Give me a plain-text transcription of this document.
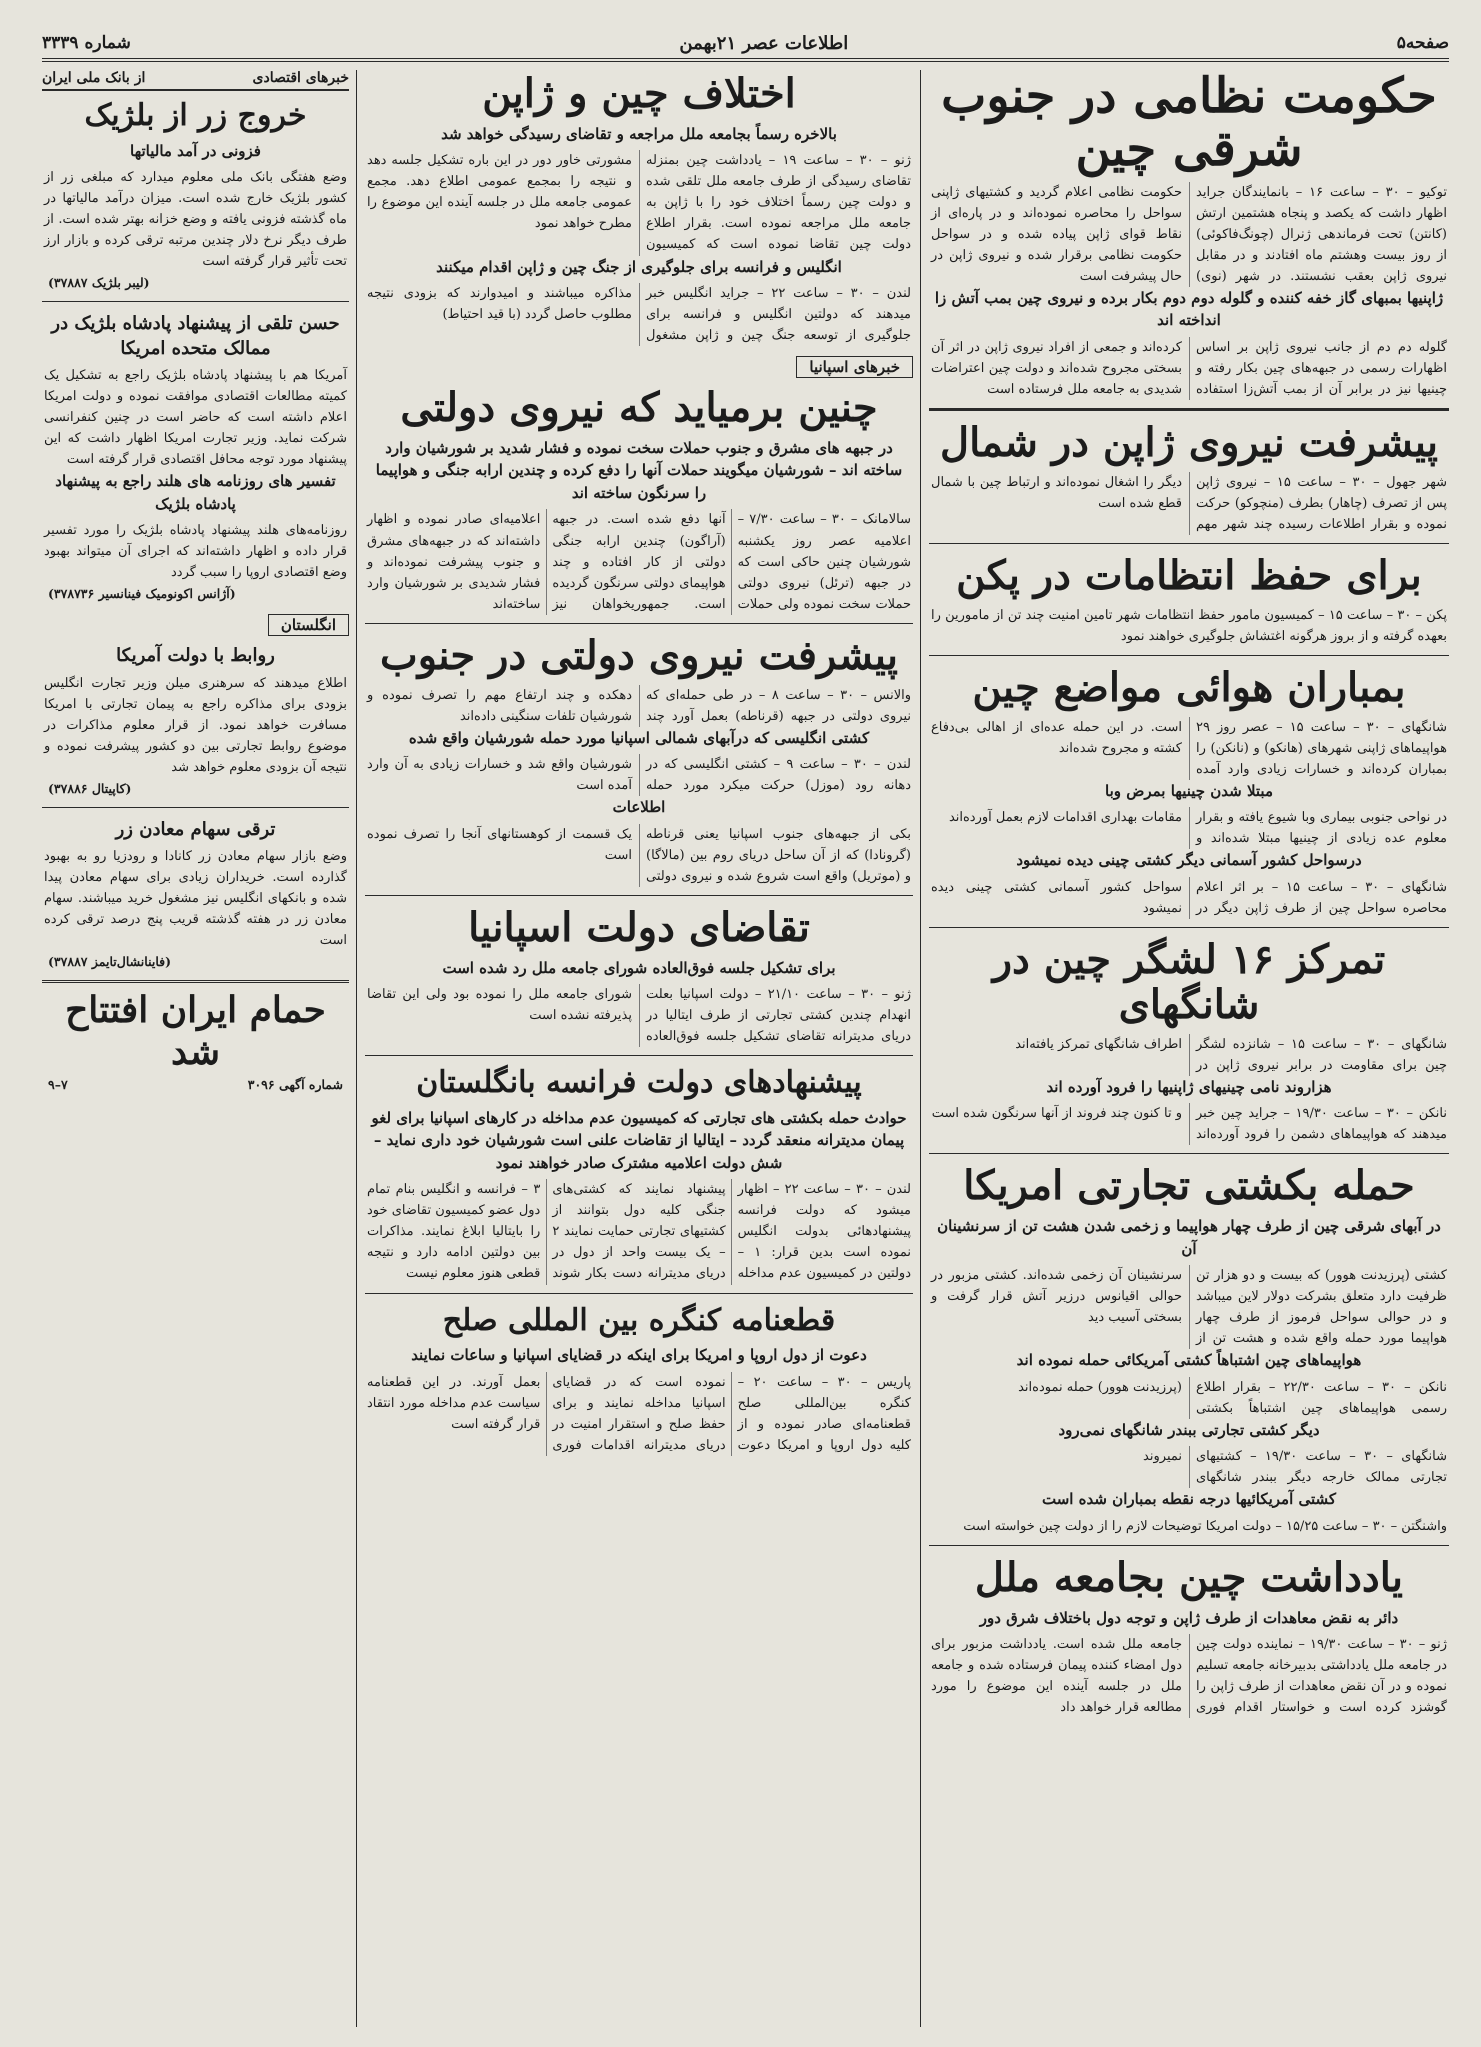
صفحه۵
اطلاعات عصر ۲۱بهمن
شماره ۳۳۳۹
حکومت نظامی در جنوب شرقی چین
توکیو – ۳۰ – ساعت ۱۶ – بانمایندگان جراید اظهار داشت که یکصد و پنجاه هشتمین ارتش (کانتن) تحت فرماندهی ژنرال (چونگ‌فاکوئی) از روز بیست وهشتم ماه افتادند و در مقابل نیروی ژاپن بعقب نشستند. در شهر (نوی) حکومت نظامی اعلام گردید و کشتیهای ژاپنی سواحل را محاصره نموده‌اند و در پاره‌ای از نقاط قوای ژاپن پیاده شده و در سواحل حکومت نظامی برقرار شده و نیروی ژاپن در حال پیشرفت است
ژاپنیها بمبهای گاز خفه کننده و گلوله دوم دوم بکار برده و نیروی چین بمب آتش زا انداخته اند
گلوله دم دم از جانب نیروی ژاپن بر اساس اظهارات رسمی در جبهه‌های چین بکار رفته و چینیها نیز در برابر آن از بمب آتش‌زا استفاده کرده‌اند و جمعی از افراد نیروی ژاپن در اثر آن بسختی مجروح شده‌اند و دولت چین اعتراضات شدیدی به جامعه ملل فرستاده است
پیشرفت نیروی ژاپن در شمال
شهر جهول – ۳۰ – ساعت ۱۵ – نیروی ژاپن پس از تصرف (چاهار) بطرف (منچوکو) حرکت نموده و بقرار اطلاعات رسیده چند شهر مهم دیگر را اشغال نموده‌اند و ارتباط چین با شمال قطع شده است
برای حفظ انتظامات در پکن
پکن – ۳۰ – ساعت ۱۵ – کمیسیون مامور حفظ انتظامات شهر تامین امنیت چند تن از مامورین را بعهده گرفته و از بروز هرگونه اغتشاش جلوگیری خواهند نمود
بمباران هوائی مواضع چین
شانگهای – ۳۰ – ساعت ۱۵ – عصر روز ۲۹ هواپیماهای ژاپنی شهرهای (هانکو) و (نانکن) را بمباران کرده‌اند و خسارات زیادی وارد آمده است. در این حمله عده‌ای از اهالی بی‌دفاع کشته و مجروح شده‌اند
مبتلا شدن چینیها بمرض وبا
در نواحی جنوبی بیماری وبا شیوع یافته و بقرار معلوم عده زیادی از چینیها مبتلا شده‌اند و مقامات بهداری اقدامات لازم بعمل آورده‌اند
درسواحل کشور آسمانی دیگر کشتی چینی دیده نمیشود
شانگهای – ۳۰ – ساعت ۱۵ – بر اثر اعلام محاصره سواحل چین از طرف ژاپن دیگر در سواحل کشور آسمانی کشتی چینی دیده نمیشود
تمرکز ۱۶ لشگر چین در شانگهای
شانگهای – ۳۰ – ساعت ۱۵ – شانزده لشگر چین برای مقاومت در برابر نیروی ژاپن در اطراف شانگهای تمرکز یافته‌اند
هزاروند نامی چینیهای ژاپنیها را فرود آورده اند
نانکن – ۳۰ – ساعت ۱۹/۳۰ – جراید چین خبر میدهند که هواپیماهای دشمن را فرود آورده‌اند و تا کنون چند فروند از آنها سرنگون شده است
حمله بکشتی تجارتی امریکا
در آبهای شرقی چین از طرف چهار هواپیما و زخمی شدن هشت تن از سرنشینان آن
کشتی (پرزیدنت هوور) که بیست و دو هزار تن ظرفیت دارد متعلق بشرکت دولار لاین میباشد و در حوالی سواحل فرموز از طرف چهار هواپیما مورد حمله واقع شده و هشت تن از سرنشینان آن زخمی شده‌اند. کشتی مزبور در حوالی اقیانوس درزیر آتش قرار گرفت و بسختی آسیب دید
هواپیماهای چین اشتباهاً کشتی آمریکائی حمله نموده اند
نانکن – ۳۰ – ساعت ۲۲/۳۰ – بقرار اطلاع رسمی هواپیماهای چین اشتباهاً بکشتی (پرزیدنت هوور) حمله نموده‌اند
دیگر کشتی تجارتی ببندر شانگهای نمی‌رود
شانگهای – ۳۰ – ساعت ۱۹/۳۰ – کشتیهای تجارتی ممالک خارجه دیگر ببندر شانگهای نمیروند
کشتی آمریکائیها درجه نقطه بمباران شده است
واشنگتن – ۳۰ – ساعت ۱۵/۲۵ – دولت امریکا توضیحات لازم را از دولت چین خواسته است
یادداشت چین بجامعه ملل
دائر به نقض معاهدات از طرف ژاپن و توجه دول باختلاف شرق دور
ژنو – ۳۰ – ساعت ۱۹/۳۰ – نماینده دولت چین در جامعه ملل یادداشتی بدبیرخانه جامعه تسلیم نموده و در آن نقض معاهدات از طرف ژاپن را گوشزد کرده است و خواستار اقدام فوری جامعه ملل شده است. یادداشت مزبور برای دول امضاء کننده پیمان فرستاده شده و جامعه ملل در جلسه آینده این موضوع را مورد مطالعه قرار خواهد داد
اختلاف چین و ژاپن
بالاخره رسماً بجامعه ملل مراجعه و تقاضای رسیدگی خواهد شد
ژنو – ۳۰ – ساعت ۱۹ – یادداشت چین بمنزله تقاضای رسیدگی از طرف جامعه ملل تلقی شده و دولت چین رسماً اختلاف خود را با ژاپن به جامعه ملل مراجعه نموده است. بقرار اطلاع دولت چین تقاضا نموده است که کمیسیون مشورتی خاور دور در این باره تشکیل جلسه دهد و نتیجه را بمجمع عمومی اطلاع دهد. مجمع عمومی جامعه ملل در جلسه آینده این موضوع را مطرح خواهد نمود
انگلیس و فرانسه برای جلوگیری از جنگ چین و ژاپن اقدام میکنند
لندن – ۳۰ – ساعت ۲۲ – جراید انگلیس خبر میدهند که دولتین انگلیس و فرانسه برای جلوگیری از توسعه جنگ چین و ژاپن مشغول مذاکره میباشند و امیدوارند که بزودی نتیجه مطلوب حاصل گردد (با قید احتیاط)
خبرهای اسپانیا
چنین برمیاید که نیروی دولتی
در جبهه های مشرق و جنوب حملات سخت نموده و فشار شدید بر شورشیان وارد ساخته اند – شورشیان میگویند حملات آنها را دفع کرده و چندین ارابه جنگی و هواپیما را سرنگون ساخته اند
سالامانک – ۳۰ – ساعت ۷/۳۰ – اعلامیه عصر روز یکشنبه شورشیان چنین حاکی است که در جبهه (ترئل) نیروی دولتی حملات سخت نموده ولی حملات آنها دفع شده است. در جبهه (آراگون) چندین ارابه جنگی دولتی از کار افتاده و چند هواپیمای دولتی سرنگون گردیده است. جمهوریخواهان نیز اعلامیه‌ای صادر نموده و اظهار داشته‌اند که در جبهه‌های مشرق و جنوب پیشرفت نموده‌اند و فشار شدیدی بر شورشیان وارد ساخته‌اند
پیشرفت نیروی دولتی در جنوب
والانس – ۳۰ – ساعت ۸ – در طی حمله‌ای که نیروی دولتی در جبهه (قرناطه) بعمل آورد چند دهکده و چند ارتفاع مهم را تصرف نموده و شورشیان تلفات سنگینی داده‌اند
کشتی انگلیسی که درآبهای شمالی اسپانیا مورد حمله شورشیان واقع شده
لندن – ۳۰ – ساعت ۹ – کشتی انگلیسی که در دهانه رود (موزل) حرکت میکرد مورد حمله شورشیان واقع شد و خسارات زیادی به آن وارد آمده است
اطلاعات
بکی از جبهه‌های جنوب اسپانیا یعنی قرناطه (گرونادا) که از آن ساحل دریای روم بین (مالاگا) و (موتریل) واقع است شروع شده و نیروی دولتی یک قسمت از کوهستانهای آنجا را تصرف نموده است
تقاضای دولت اسپانیا
برای تشکیل جلسه فوق‌العاده شورای جامعه ملل رد شده است
ژنو – ۳۰ – ساعت ۲۱/۱۰ – دولت اسپانیا بعلت انهدام چندین کشتی تجارتی از طرف ایتالیا در دریای مدیترانه تقاضای تشکیل جلسه فوق‌العاده شورای جامعه ملل را نموده بود ولی این تقاضا پذیرفته نشده است
پیشنهادهای دولت فرانسه بانگلستان
حوادث حمله بکشتی های تجارتی که کمیسیون عدم مداخله در کارهای اسپانیا برای لغو پیمان مدیترانه منعقد گردد – ایتالیا از تقاضات علنی است شورشیان خود داری نماید – شش دولت اعلامیه مشترک صادر خواهند نمود
لندن – ۳۰ – ساعت ۲۲ – اظهار میشود که دولت فرانسه پیشنهادهائی بدولت انگلیس نموده است بدین قرار: ۱ – دولتین در کمیسیون عدم مداخله پیشنهاد نمایند که کشتی‌های جنگی کلیه دول بتوانند از کشتیهای تجارتی حمایت نمایند ۲ – یک بیست واحد از دول در دریای مدیترانه دست بکار شوند ۳ – فرانسه و انگلیس بنام تمام دول عضو کمیسیون تقاضای خود را بایتالیا ابلاغ نمایند. مذاکرات بین دولتین ادامه دارد و نتیجه قطعی هنوز معلوم نیست
قطعنامه کنگره بین المللی صلح
دعوت از دول اروپا و امریکا برای اینکه در قضایای اسپانیا و ساعات نمایند
پاریس – ۳۰ – ساعت ۲۰ – کنگره بین‌المللی صلح قطعنامه‌ای صادر نموده و از کلیه دول اروپا و امریکا دعوت نموده است که در قضایای اسپانیا مداخله نمایند و برای حفظ صلح و استقرار امنیت در دریای مدیترانه اقدامات فوری بعمل آورند. در این قطعنامه سیاست عدم مداخله مورد انتقاد قرار گرفته است
خبرهای اقتصادی
از بانک ملی ایران
خروج زر از بلژیک
فزونی در آمد مالیاتها
وضع هفتگی بانک ملی معلوم میدارد که مبلغی زر از کشور بلژیک خارج شده است. میزان درآمد مالیاتها در ماه گذشته فزونی یافته و وضع خزانه بهتر شده است. از طرف دیگر نرخ دلار چندین مرتبه ترقی کرده و بازار ارز تحت تأثیر قرار گرفته است
(لیبر بلژیک ۳۷۸۸۷)
حسن تلقی از پیشنهاد پادشاه بلژیک در ممالک متحده امریکا
آمریکا هم با پیشنهاد پادشاه بلژیک راجع به تشکیل یک کمیته مطالعات اقتصادی موافقت نموده و دولت امریکا اعلام داشته است که حاضر است در چنین کنفرانسی شرکت نماید. وزیر تجارت امریکا اظهار داشت که این پیشنهاد مورد توجه محافل اقتصادی قرار گرفته است
تفسیر های روزنامه های هلند راجع به پیشنهاد پادشاه بلژیک
روزنامه‌های هلند پیشنهاد پادشاه بلژیک را مورد تفسیر قرار داده و اظهار داشته‌اند که اجرای آن میتواند بهبود وضع اقتصادی اروپا را سبب گردد
(آژانس اکونومیک فینانسیر ۳۷۸۷۳۶)
انگلستان
روابط با دولت آمریکا
اطلاع میدهند که سرهنری میلن وزیر تجارت انگلیس بزودی برای مذاکره راجع به پیمان تجارتی با امریکا مسافرت خواهد نمود. از قرار معلوم مذاکرات در موضوع روابط تجارتی بین دو کشور پیشرفت نموده و نتیجه آن بزودی معلوم خواهد شد
(کاپیتال ۳۷۸۸۶)
ترقی سهام معادن زر
وضع بازار سهام معادن زر کانادا و رودزیا رو به بهبود گذارده است. خریداران زیادی برای سهام معادن پیدا شده و بانکهای انگلیس نیز مشغول خرید میباشند. سهام معادن زر در هفته گذشته قریب پنج درصد ترقی کرده است
(فاینانشال‌تایمز ۳۷۸۸۷)
حمام ایران افتتاح شد
شماره آگهی ۳۰۹۶
۷–۹
